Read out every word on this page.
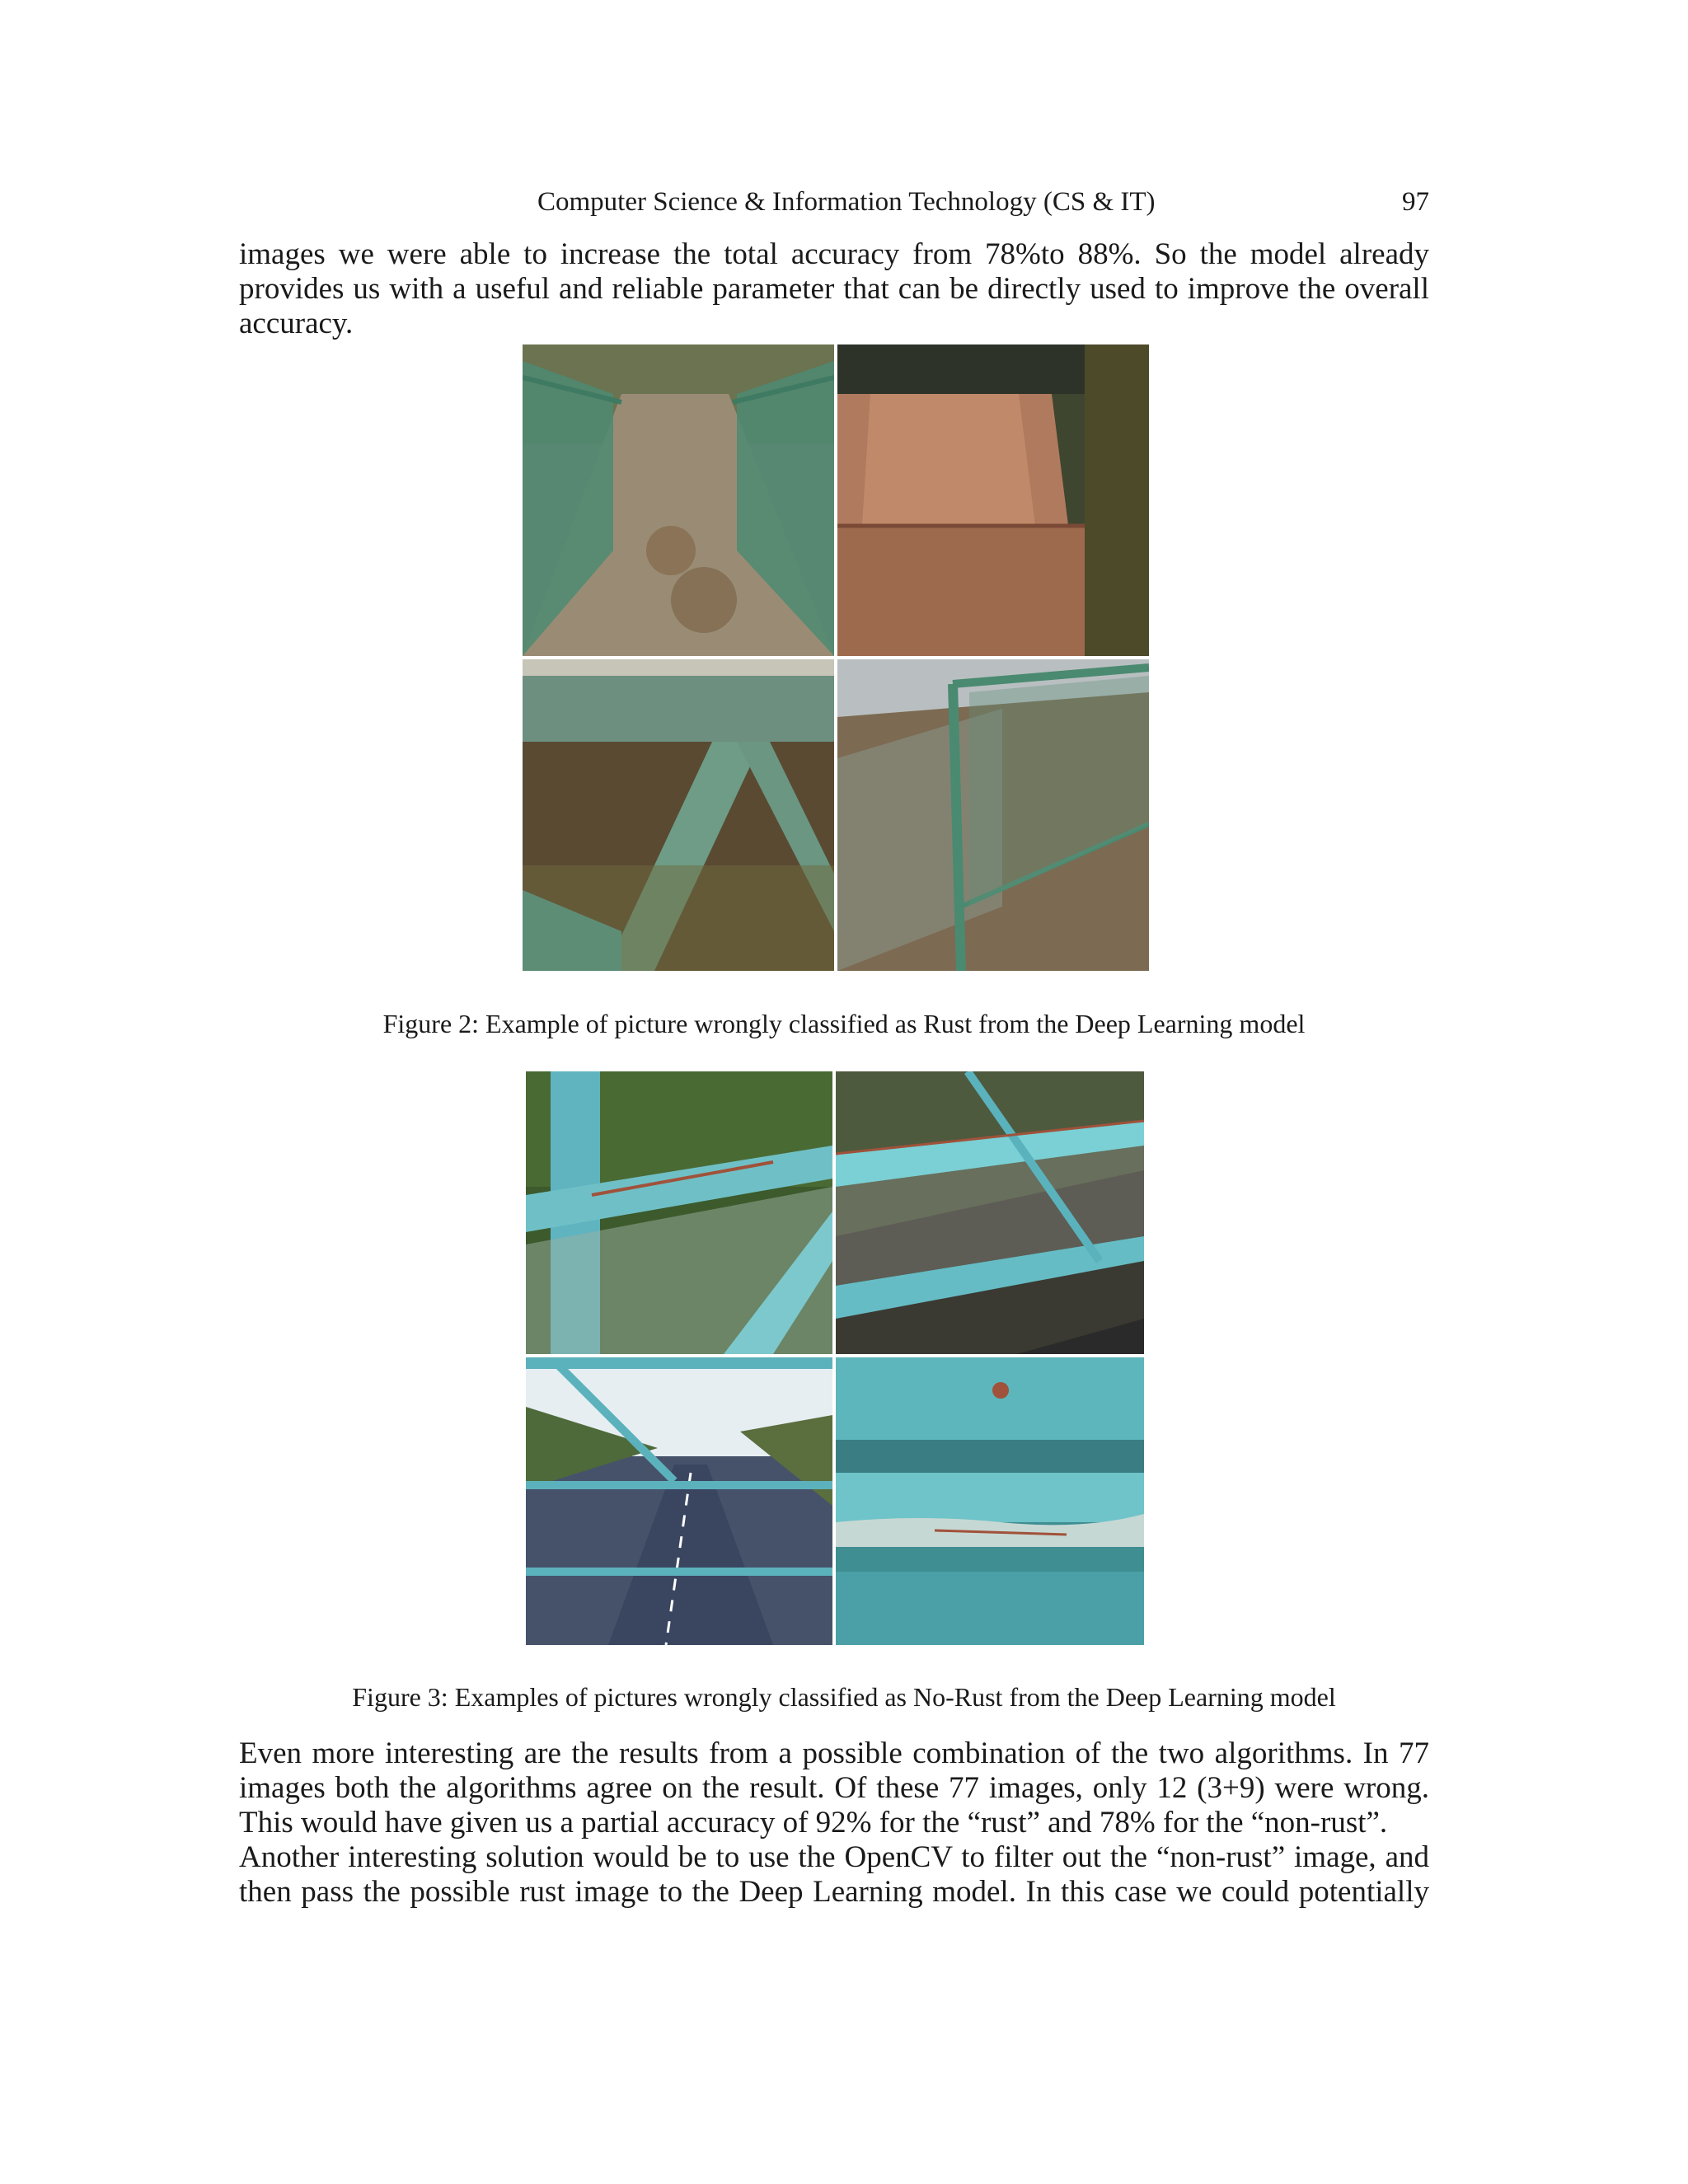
Computer Science & Information Technology (CS & IT)	97

images we were able to increase the total accuracy from 78%to 88%. So the model already provides us with a useful and reliable parameter that can be directly used to improve the overall accuracy.

Figure 2: Example of picture wrongly classified as Rust from the Deep Learning model
Figure 3: Examples of pictures wrongly classified as No-Rust from the Deep Learning model

Even more interesting are the results from a possible combination of the two algorithms. In 77 images both the algorithms agree on the result. Of these 77 images, only 12 (3+9) were wrong. This would have given us a partial accuracy of 92% for the “rust” and 78% for the “non-rust”.

Another interesting solution would be to use the OpenCV to filter out the “non-rust” image, and then pass the possible rust image to the Deep Learning model. In this case we could potentially
